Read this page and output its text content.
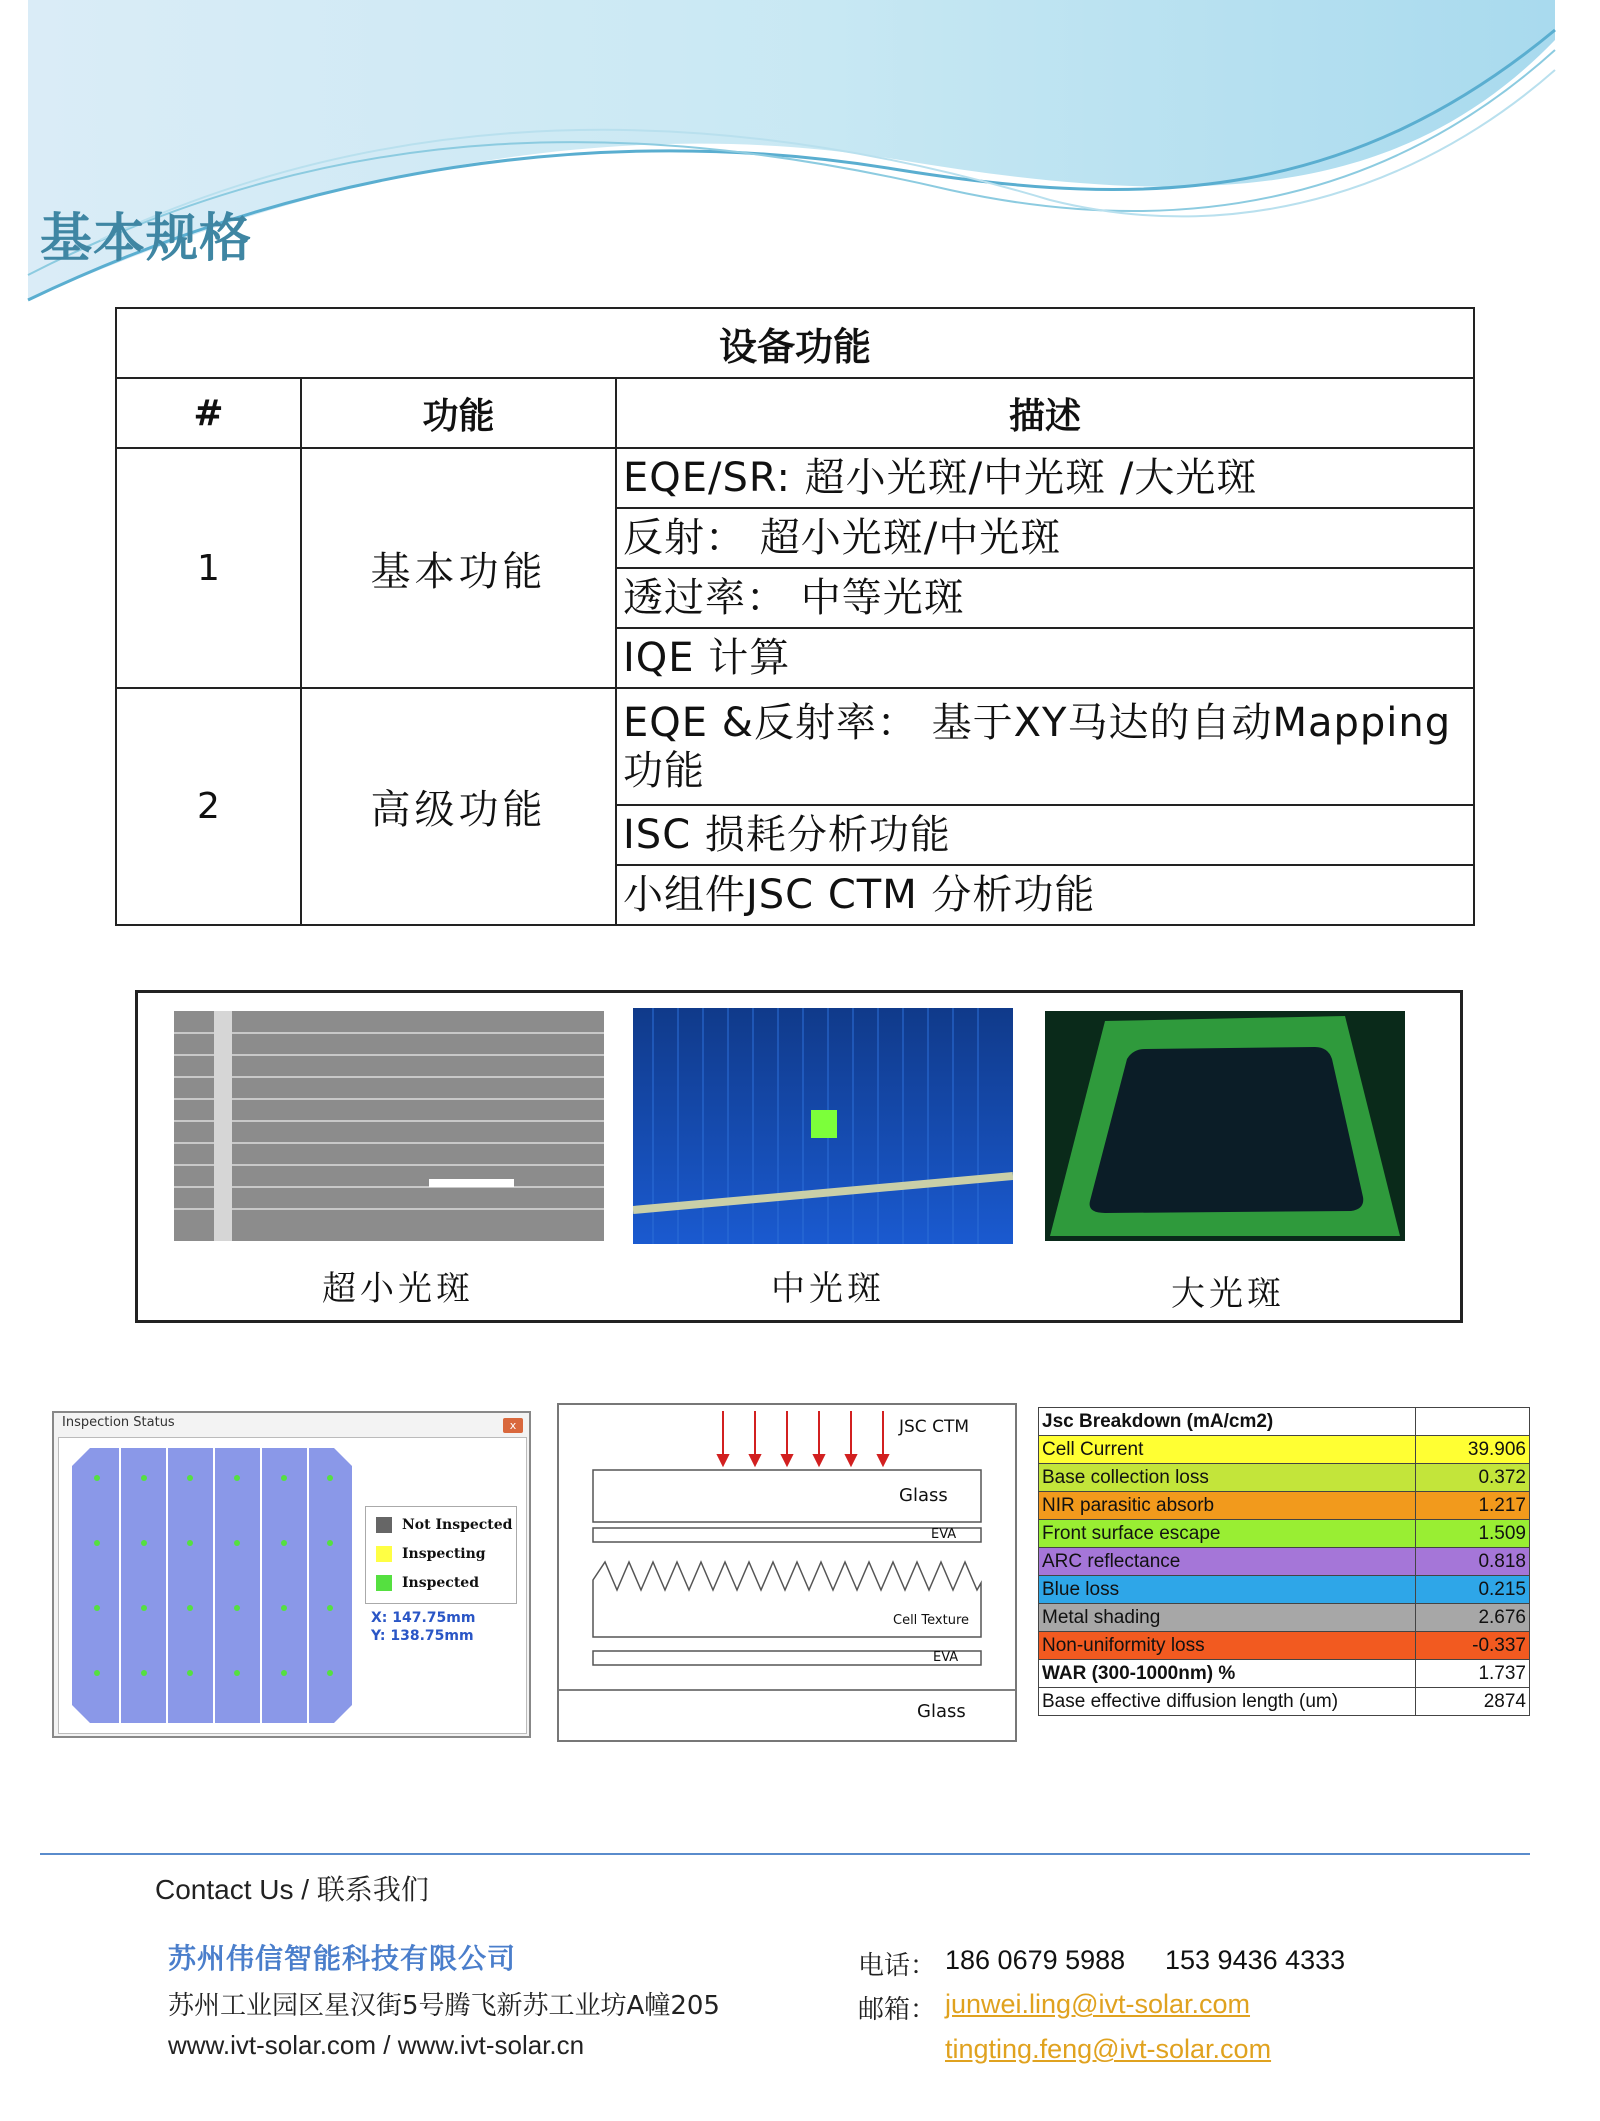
基本规格
设备功能		
#	功能	描述
1	基本功能	EQE/SR: 超小光斑/中光斑 /大光斑
		反射： 超小光斑/中光斑
		透过率： 中等光斑
		IQE 计算
2	高级功能	EQE &反射率： 基于XY马达的自动Mapping功能
		ISC 损耗分析功能
		小组件JSC CTM 分析功能
超小光斑	中光斑	大光斑
Inspection Status	x
Not Inspected
Inspecting
Inspected
X: 147.75mm
Y: 138.75mm
JSC CTM
Glass
EVA
Cell Texture
EVA
Glass
Jsc Breakdown (mA/cm2)	
Cell Current	39.906
Base collection loss	0.372
NIR parasitic absorb	1.217
Front surface escape	1.509
ARC reflectance	0.818
Blue loss	0.215
Metal shading	2.676
Non-uniformity loss	-0.337
WAR (300-1000nm) %	1.737
Base effective diffusion length (um)	2874
Contact Us / 联系我们
苏州伟信智能科技有限公司
苏州工业园区星汉街5号腾飞新苏工业坊A幢205
www.ivt-solar.com / www.ivt-solar.cn
电话： 186 0679 5988 153 9436 4333
邮箱： junwei.ling@ivt-solar.com
tingting.feng@ivt-solar.com
